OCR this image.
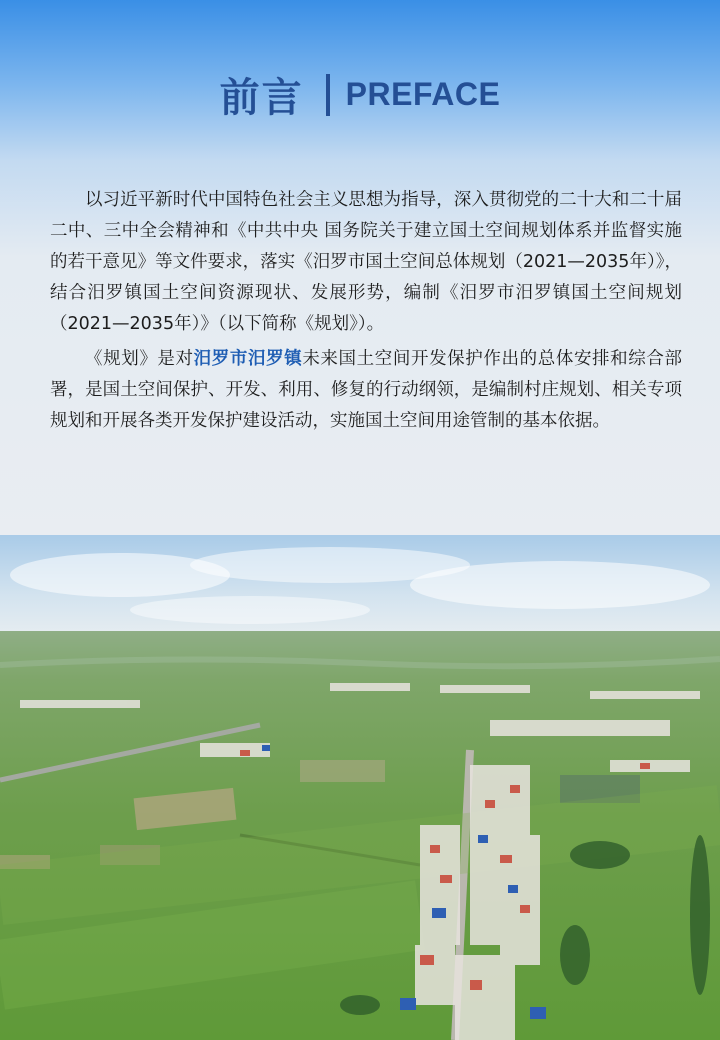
前言 PREFACE

以习近平新时代中国特色社会主义思想为指导，深入贯彻党的二十大和二十届二中、三中全会精神和《中共中央 国务院关于建立国土空间规划体系并监督实施的若干意见》等文件要求，落实《汨罗市国土空间总体规划（2021—2035年）》，结合汨罗镇国土空间资源现状、发展形势，编制《汨罗市汨罗镇国土空间规划（2021—2035年）》（以下简称《规划》）。

《规划》是对汨罗市汨罗镇未来国土空间开发保护作出的总体安排和综合部署，是国土空间保护、开发、利用、修复的行动纲领，是编制村庄规划、相关专项规划和开展各类开发保护建设活动，实施国土空间用途管制的基本依据。
